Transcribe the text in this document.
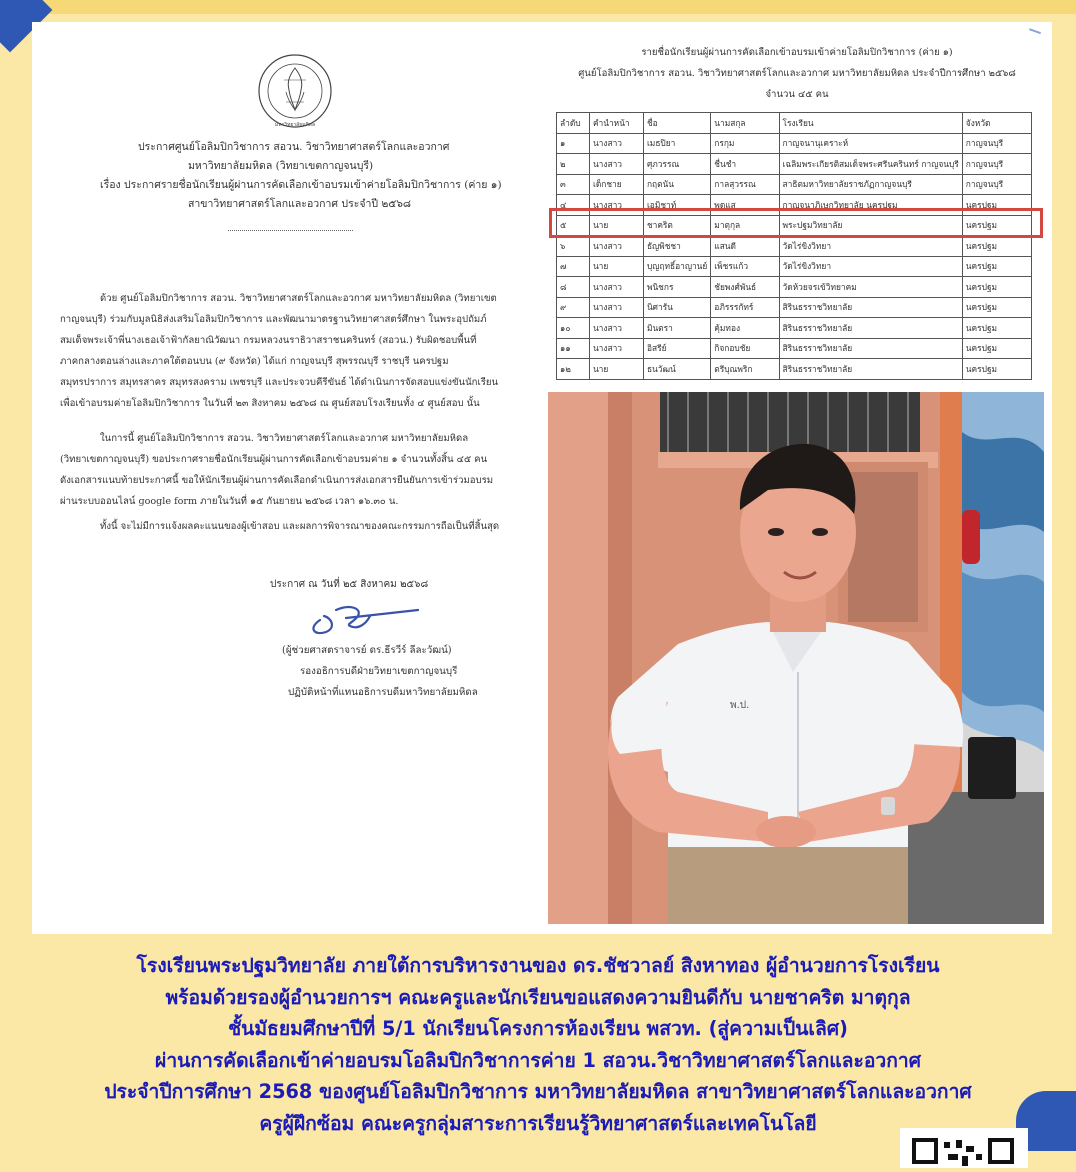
มหาวิทยาลัยมหิดล
ประกาศศูนย์โอลิมปิกวิชาการ สอวน. วิชาวิทยาศาสตร์โลกและอวกาศ
มหาวิทยาลัยมหิดล (วิทยาเขตกาญจนบุรี)
เรื่อง ประกาศรายชื่อนักเรียนผู้ผ่านการคัดเลือกเข้าอบรมเข้าค่ายโอลิมปิกวิชาการ (ค่าย ๑)
สาขาวิทยาศาสตร์โลกและอวกาศ ประจำปี ๒๕๖๘
ด้วย ศูนย์โอลิมปิกวิชาการ สอวน. วิชาวิทยาศาสตร์โลกและอวกาศ มหาวิทยาลัยมหิดล (วิทยาเขต
กาญจนบุรี) ร่วมกับมูลนิธิส่งเสริมโอลิมปิกวิชาการ และพัฒนามาตรฐานวิทยาศาสตร์ศึกษา ในพระอุปถัมภ์
สมเด็จพระเจ้าพี่นางเธอเจ้าฟ้ากัลยาณิวัฒนา กรมหลวงนราธิวาสราชนครินทร์ (สอวน.) รับผิดชอบพื้นที่
ภาคกลางตอนล่างและภาคใต้ตอนบน (๙ จังหวัด) ได้แก่ กาญจนบุรี สุพรรณบุรี ราชบุรี นครปฐม
สมุทรปราการ สมุทรสาคร สมุทรสงคราม เพชรบุรี และประจวบคีรีขันธ์ ได้ดำเนินการจัดสอบแข่งขันนักเรียน
เพื่อเข้าอบรมค่ายโอลิมปิกวิชาการ ในวันที่ ๒๓ สิงหาคม ๒๕๖๘ ณ ศูนย์สอบโรงเรียนทั้ง ๔ ศูนย์สอบ นั้น
ในการนี้ ศูนย์โอลิมปิกวิชาการ สอวน. วิชาวิทยาศาสตร์โลกและอวกาศ มหาวิทยาลัยมหิดล
(วิทยาเขตกาญจนบุรี) ขอประกาศรายชื่อนักเรียนผู้ผ่านการคัดเลือกเข้าอบรมค่าย ๑ จำนวนทั้งสิ้น ๔๕ คน
ดังเอกสารแนบท้ายประกาศนี้ ขอให้นักเรียนผู้ผ่านการคัดเลือกดำเนินการส่งเอกสารยืนยันการเข้าร่วมอบรม
ผ่านระบบออนไลน์ ɡoogle form ภายในวันที่ ๑๕ กันยายน ๒๕๖๘ เวลา ๑๖.๓๐ น.
ทั้งนี้ จะไม่มีการแจ้งผลคะแนนของผู้เข้าสอบ และผลการพิจารณาของคณะกรรมการถือเป็นที่สิ้นสุด
ประกาศ ณ วันที่ ๒๕ สิงหาคม ๒๕๖๘
(ผู้ช่วยศาสตราจารย์ ดร.ธีรวีร์ ลีละวัฒน์)
รองอธิการบดีฝ่ายวิทยาเขตกาญจนบุรี
ปฏิบัติหน้าที่แทนอธิการบดีมหาวิทยาลัยมหิดล
รายชื่อนักเรียนผู้ผ่านการคัดเลือกเข้าอบรมเข้าค่ายโอลิมปิกวิชาการ (ค่าย ๑)
ศูนย์โอลิมปิกวิชาการ สอวน. วิชาวิทยาศาสตร์โลกและอวกาศ มหาวิทยาลัยมหิดล ประจำปีการศึกษา ๒๕๖๘
จำนวน ๔๕ คน
ลำดับ	คำนำหน้า	ชื่อ	นามสกุล	โรงเรียน	จังหวัด
๑	นางสาว	เมธปิยา	กรกุม	กาญจนานุเคราะห์	กาญจนบุรี
๒	นางสาว	ศุภวรรณ	ชื่นชำ	เฉลิมพระเกียรติสมเด็จพระศรีนครินทร์ กาญจนบุรี	กาญจนบุรี
๓	เด็กชาย	กฤตนัน	กาลสุวรรณ	สาธิตมหาวิทยาลัยราชภัฏกาญจนบุรี	กาญจนบุรี
๔	นางสาว	เอมิชาท์	พดแส	กาญจนาภิเษกวิทยาลัย นครปฐม	นครปฐม
๕	นาย	ชาคริต	มาตุกุล	พระปฐมวิทยาลัย	นครปฐม
๖	นางสาว	ธัญพิชชา	แสนดี	วัดไร่ขิงวิทยา	นครปฐม
๗	นาย	บุญฤทธิ์อาญานย์	เพ็ชรแก้ว	วัดไร่ขิงวิทยา	นครปฐม
๘	นางสาว	พนิชกร	ชัยพงศ์พันธ์	วัดห้วยจรเข้วิทยาคม	นครปฐม
๙	นางสาว	นิศารัน	อภิรรรกัทร์	สิรินธรราชวิทยาลัย	นครปฐม
๑๐	นางสาว	มินตรา	คุ้มทอง	สิรินธรราชวิทยาลัย	นครปฐม
๑๑	นางสาว	อิสรีย์	กิจกอบชัย	สิรินธรราชวิทยาลัย	นครปฐม
๑๒	นาย	ธนวัฒน์	ตรีบุณพริก	สิรินธรราชวิทยาลัย	นครปฐม
พ.ป.
โรงเรียนพระปฐมวิทยาลัย ภายใต้การบริหารงานของ ดร.ชัชวาลย์ สิงหาทอง ผู้อำนวยการโรงเรียน
พร้อมด้วยรองผู้อำนวยการฯ คณะครูและนักเรียนขอแสดงความยินดีกับ นายชาคริต มาตุกุล
ชั้นมัธยมศึกษาปีที่ 5/1 นักเรียนโครงการห้องเรียน พสวท. (สู่ความเป็นเลิศ)
ผ่านการคัดเลือกเข้าค่ายอบรมโอลิมปิกวิชาการค่าย 1 สอวน.วิชาวิทยาศาสตร์โลกและอวกาศ
ประจำปีการศึกษา 2568 ของศูนย์โอลิมปิกวิชาการ มหาวิทยาลัยมหิดล สาขาวิทยาศาสตร์โลกและอวกาศ
ครูผู้ฝึกซ้อม คณะครูกลุ่มสาระการเรียนรู้วิทยาศาสตร์และเทคโนโลยี
